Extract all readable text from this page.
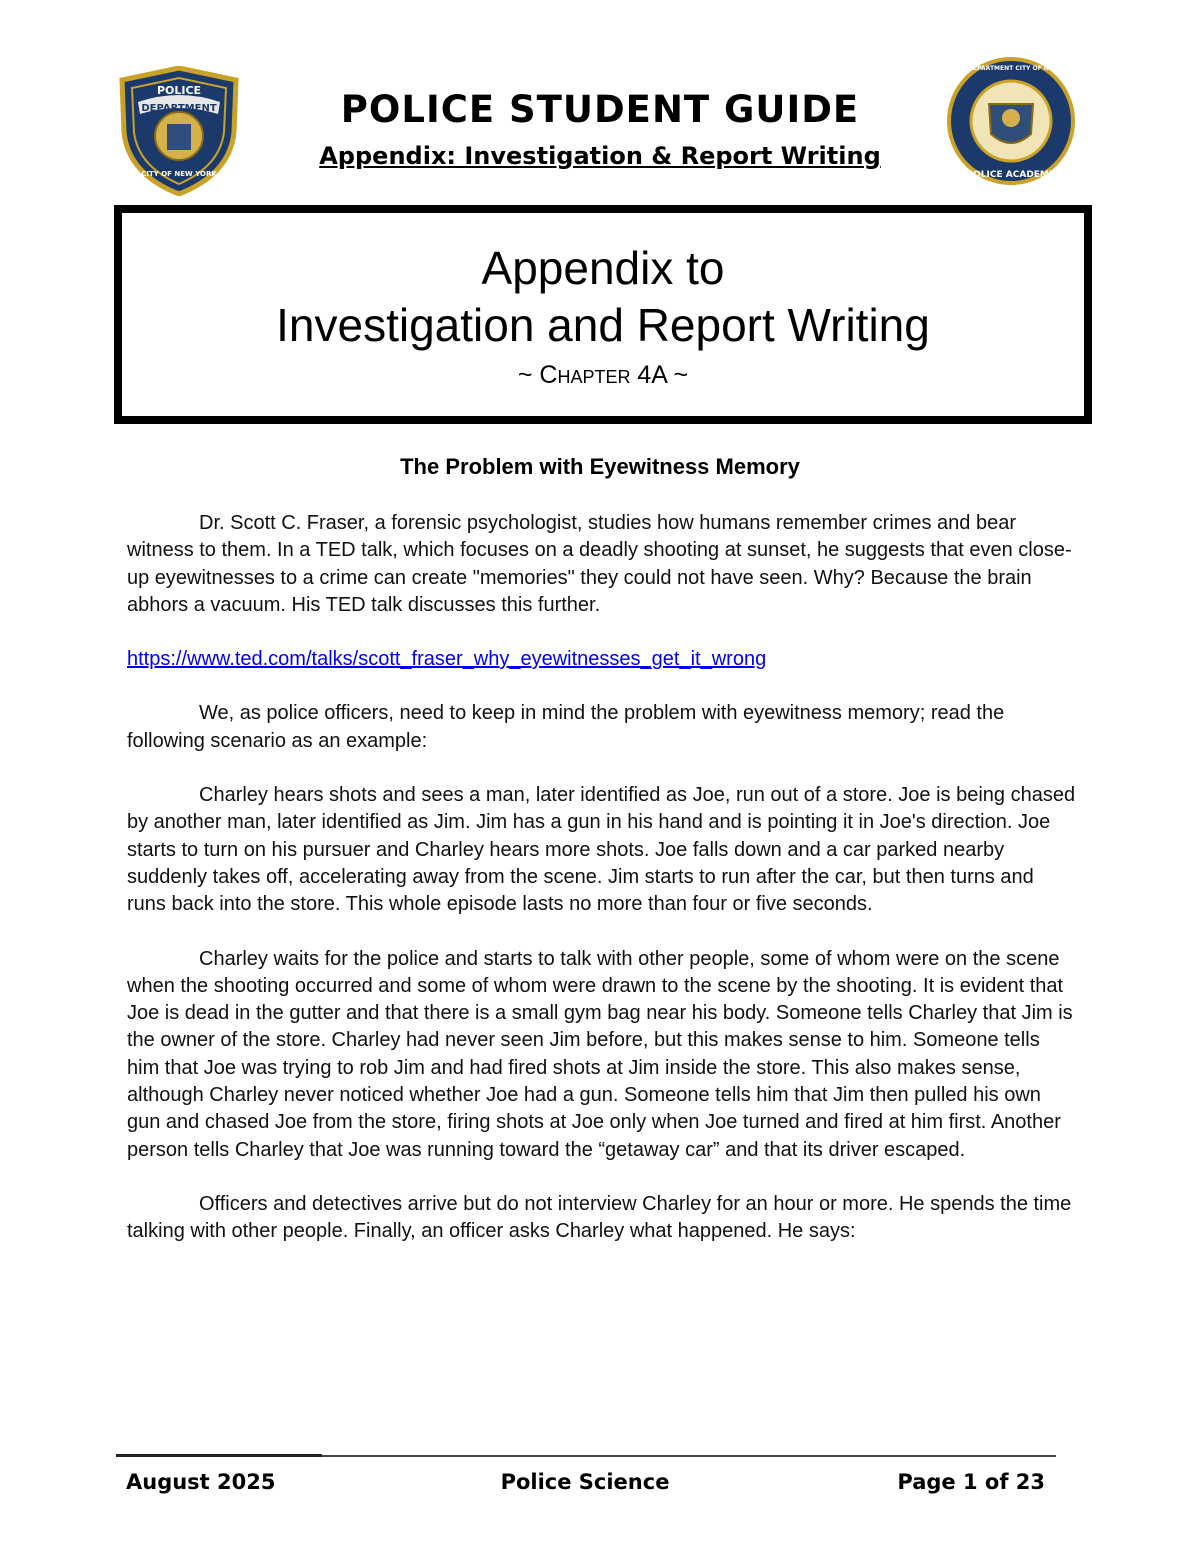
POLICE
DEPARTMENT
CITY OF NEW YORK
POLICE DEPARTMENT CITY OF NEW YORK
POLICE ACADEMY
POLICE STUDENT GUIDE
Appendix: Investigation & Report Writing
Appendix to
Investigation and Report Writing
~ Chapter 4A ~
The Problem with Eyewitness Memory

Dr. Scott C. Fraser, a forensic psychologist, studies how humans remember crimes and bear witness to them. In a TED talk, which focuses on a deadly shooting at sunset, he suggests that even close-up eyewitnesses to a crime can create "memories" they could not have seen. Why? Because the brain abhors a vacuum. His TED talk discusses this further.

https://www.ted.com/talks/scott_fraser_why_eyewitnesses_get_it_wrong

We, as police officers, need to keep in mind the problem with eyewitness memory; read the following scenario as an example:

Charley hears shots and sees a man, later identified as Joe, run out of a store. Joe is being chased by another man, later identified as Jim. Jim has a gun in his hand and is pointing it in Joe's direction. Joe starts to turn on his pursuer and Charley hears more shots. Joe falls down and a car parked nearby suddenly takes off, accelerating away from the scene. Jim starts to run after the car, but then turns and runs back into the store. This whole episode lasts no more than four or five seconds.

Charley waits for the police and starts to talk with other people, some of whom were on the scene when the shooting occurred and some of whom were drawn to the scene by the shooting. It is evident that Joe is dead in the gutter and that there is a small gym bag near his body. Someone tells Charley that Jim is the owner of the store. Charley had never seen Jim before, but this makes sense to him. Someone tells him that Joe was trying to rob Jim and had fired shots at Jim inside the store. This also makes sense, although Charley never noticed whether Joe had a gun. Someone tells him that Jim then pulled his own gun and chased Joe from the store, firing shots at Joe only when Joe turned and fired at him first. Another person tells Charley that Joe was running toward the “getaway car” and that its driver escaped.

Officers and detectives arrive but do not interview Charley for an hour or more. He spends the time talking with other people. Finally, an officer asks Charley what happened. He says:

August 2025	Police Science	Page 1 of 23
